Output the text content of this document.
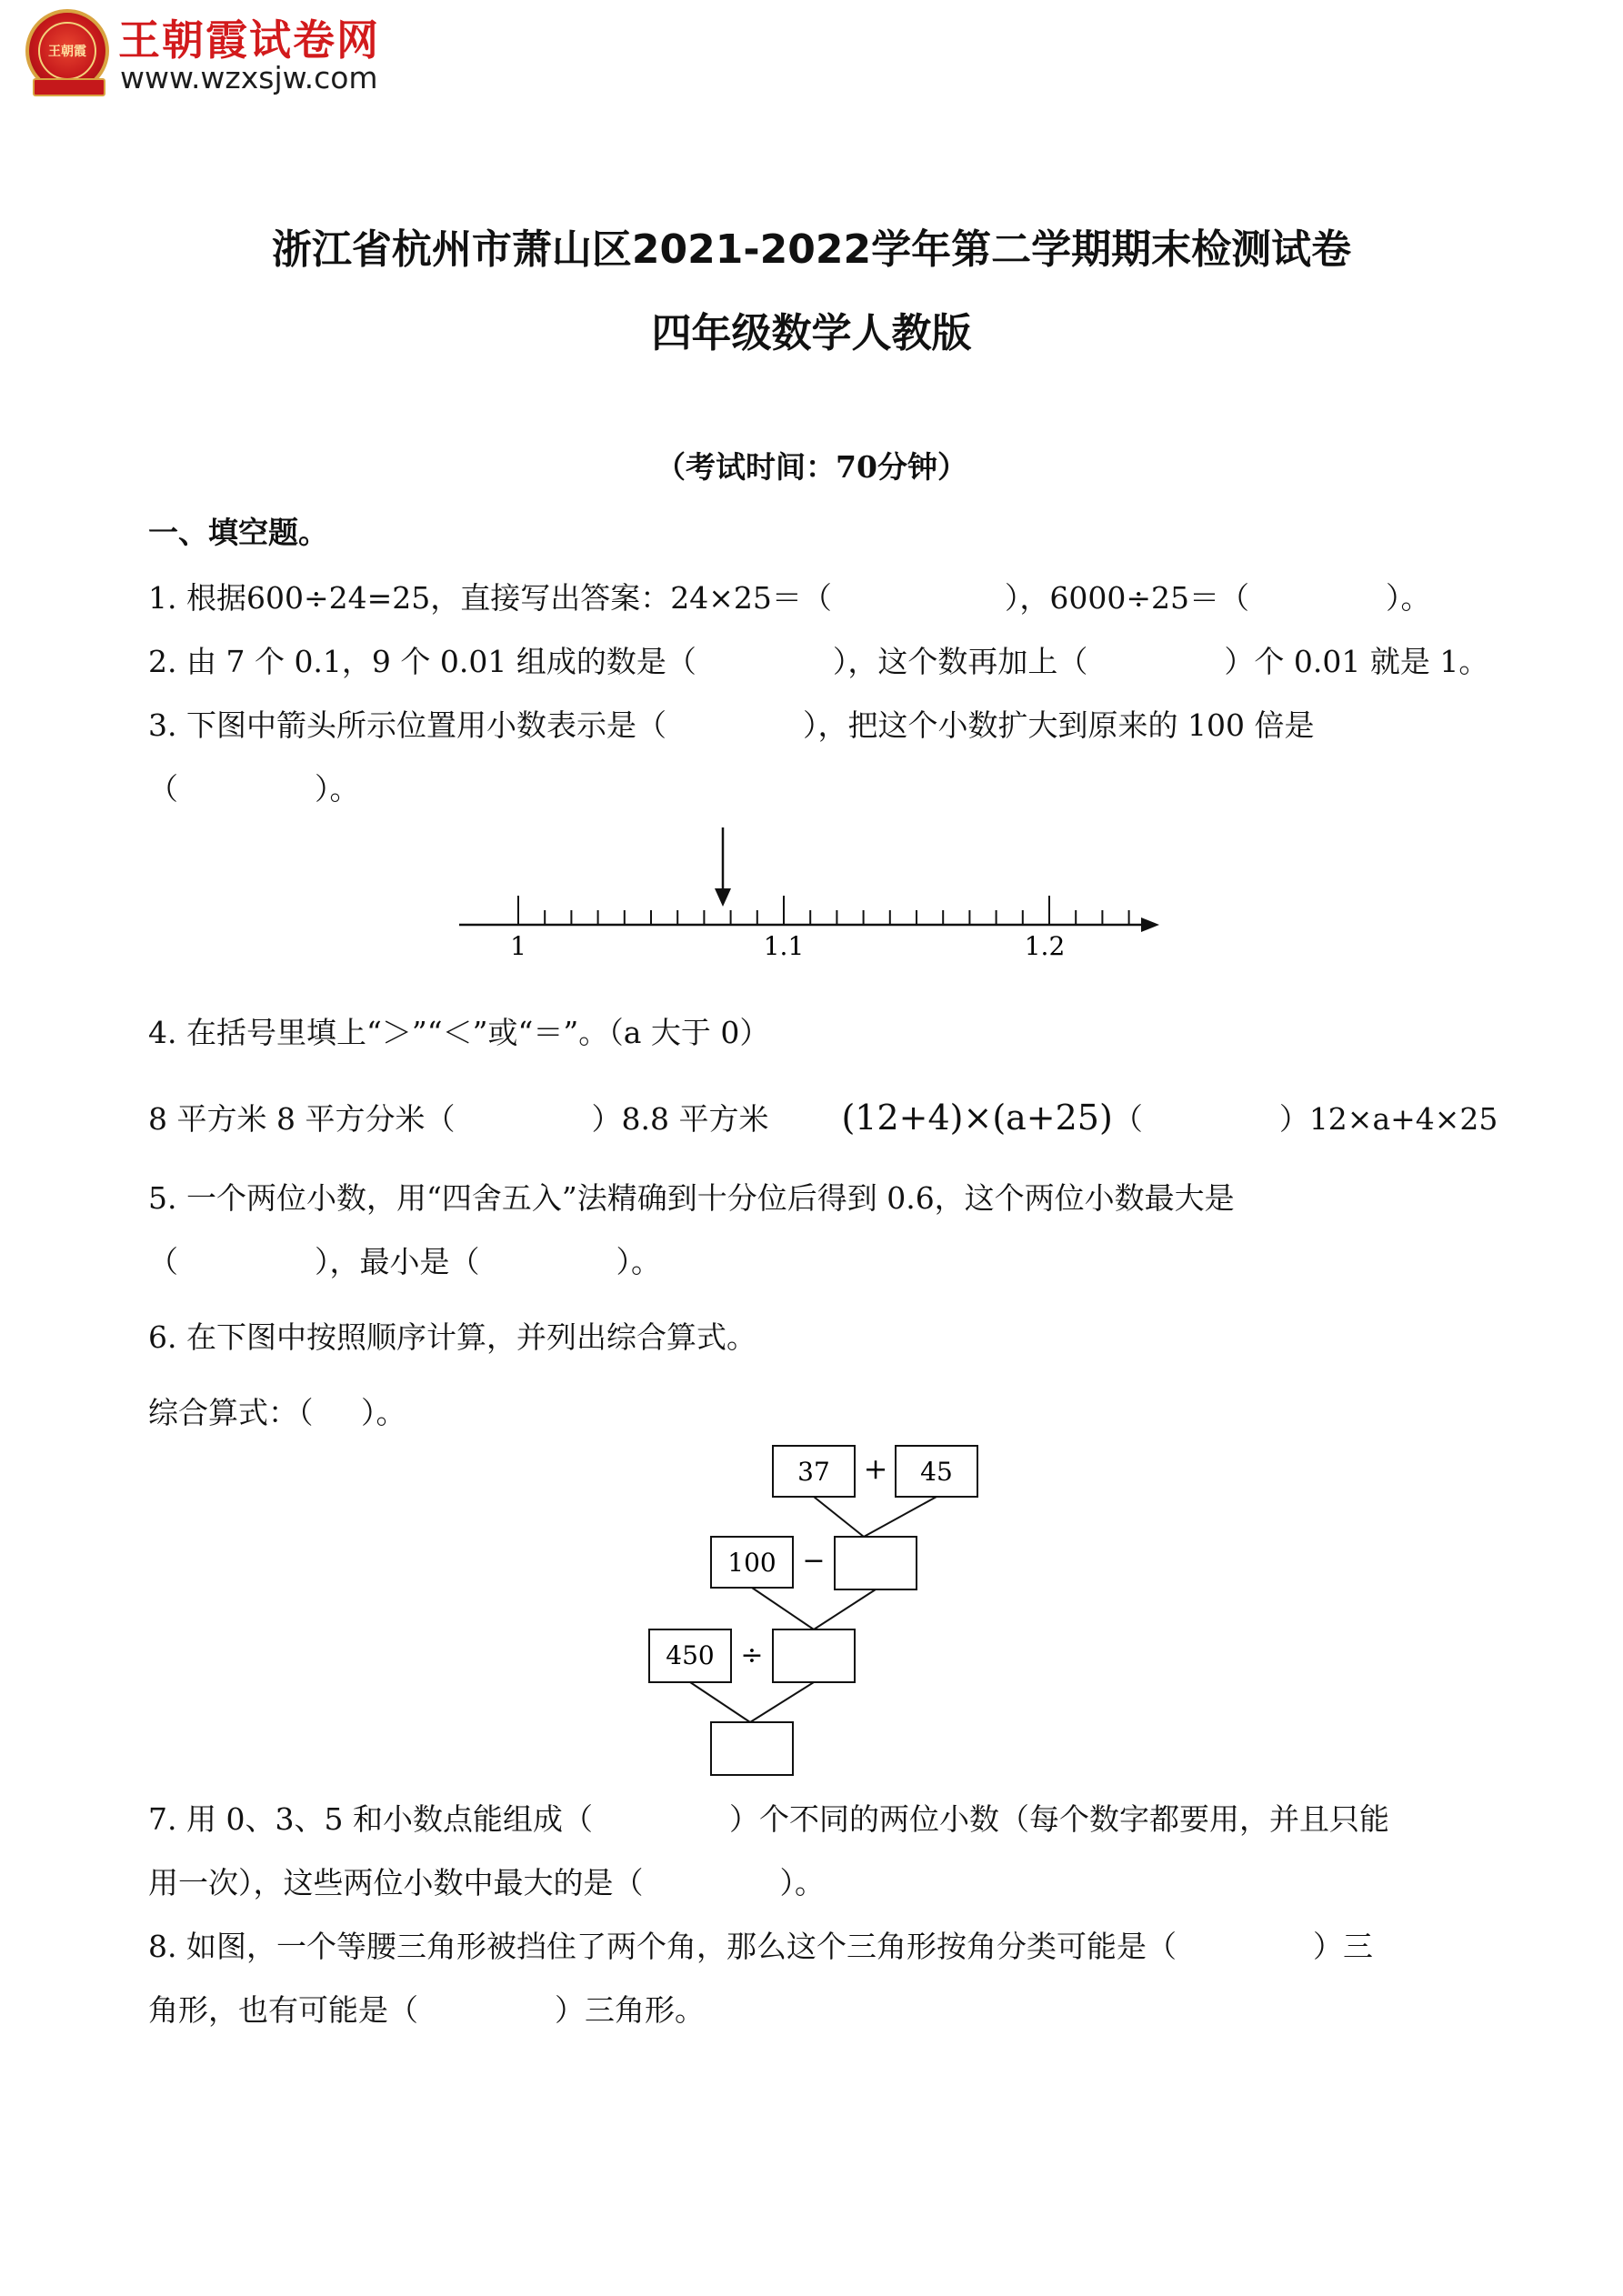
王朝霞 王朝霞试卷网
www.wzxsjw.com
浙江省杭州市萧山区2021-2022学年第二学期期末检测试卷
四年级数学人教版
（考试时间：70分钟）
一、填空题。
1. 根据600÷24=25，直接写出答案：24×25＝（	），6000÷25＝（	）。
2. 由 7 个 0.1，9 个 0.01 组成的数是（	），这个数再加上（	）个 0.01 就是 1。
3. 下图中箭头所示位置用小数表示是（	），把这个小数扩大到原来的 100 倍是
（	）。
1	1.1	1.2
4. 在括号里填上“＞”“＜”或“＝”。（a 大于 0）
8 平方米 8 平方分米（	）8.8 平方米 (12+4)×(a+25)（	）12×a+4×25
5. 一个两位小数，用“四舍五入”法精确到十分位后得到 0.6，这个两位小数最大是
（	），最小是（	）。
6. 在下图中按照顺序计算，并列出综合算式。
综合算式：（     ）。
37 + 45
100 −
450 ÷
7. 用 0、3、5 和小数点能组成（	）个不同的两位小数（每个数字都要用，并且只能
用一次），这些两位小数中最大的是（	）。
8. 如图，一个等腰三角形被挡住了两个角，那么这个三角形按角分类可能是（	）三
角形，也有可能是（	）三角形。
